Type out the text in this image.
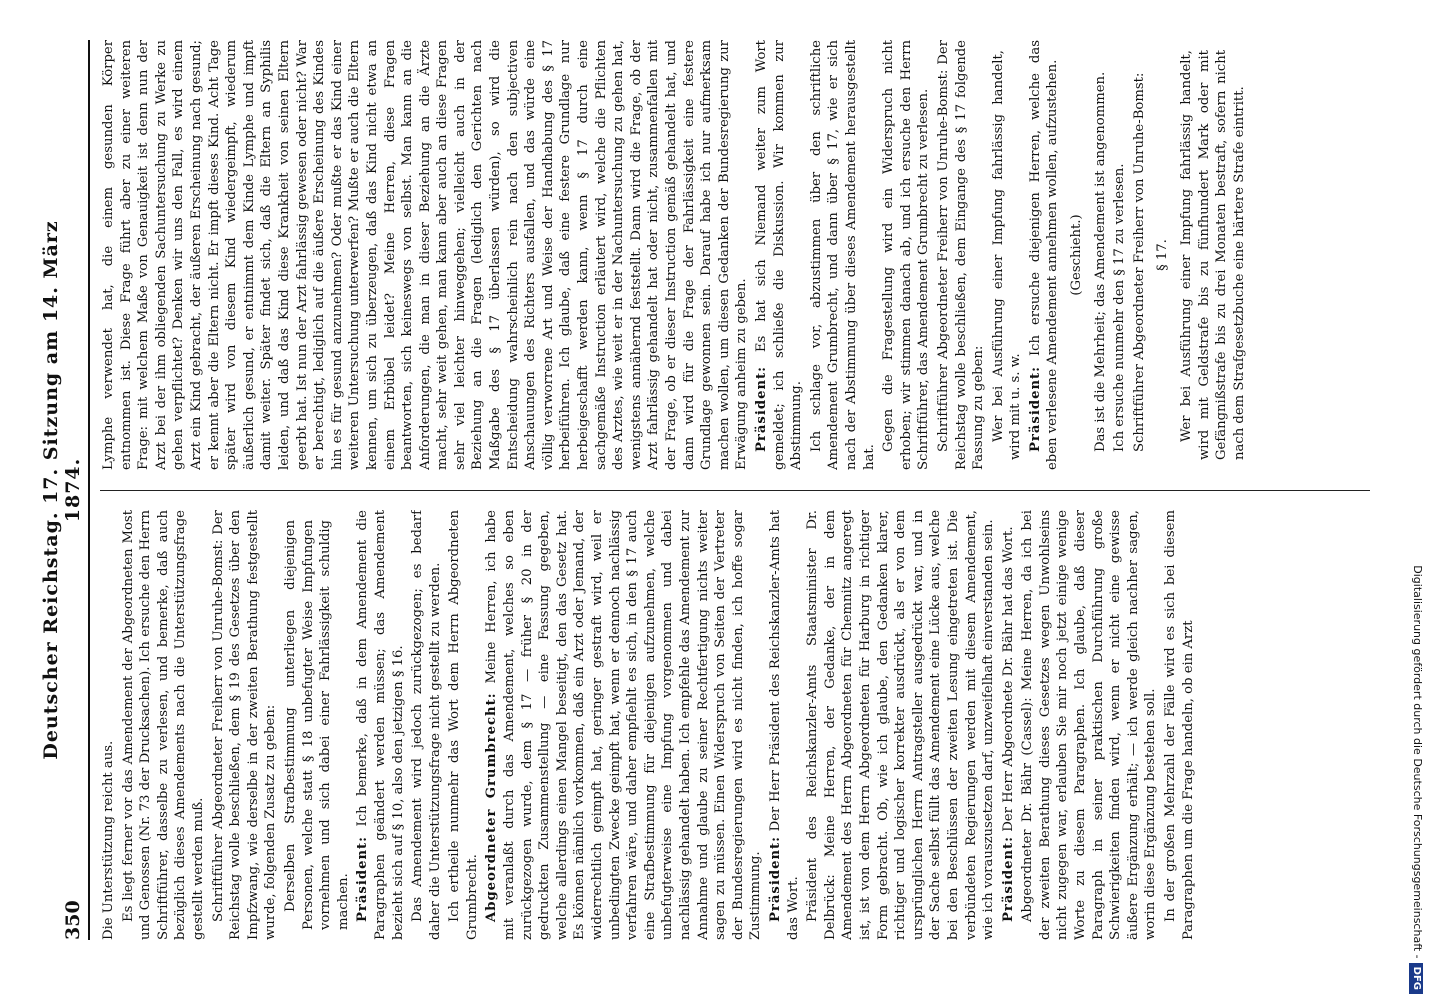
350
Deutscher Reichstag. 17. Sitzung am 14. März 1874.

Die Unterstützung reicht aus. Es liegt ferner vor das Amendement der Abgeordneten Most und Genossen (Nr. 73 der Drucksachen). Ich ersuche den Herrn Schriftführer, dasselbe zu verlesen, und bemerke, daß auch bezüglich dieses Amendements nach die Unterstützungsfrage gestellt werden muß. Schriftführer Abgeordneter Freiherr von Unruhe-Bomst: Der Reichstag wolle beschließen, dem § 19 des Gesetzes über den Impfzwang, wie derselbe in der zweiten Berathung festgestellt wurde, folgenden Zusatz zu geben: Derselben Strafbestimmung unterliegen diejenigen Personen, welche statt § 18 unbefugter Weise Impfungen vornehmen und sich dabei einer Fahrlässigkeit schuldig machen. Präsident: Ich bemerke, daß in dem Amendement die Paragraphen geändert werden müssen; das Amendement bezieht sich auf § 10, also den jetzigen § 16. Das Amendement wird jedoch zurückgezogen; es bedarf daher die Unterstützungsfrage nicht gestellt zu werden. Ich ertheile nunmehr das Wort dem Herrn Abgeordneten Grumbrecht. Abgeordneter Grumbrecht: Meine Herren, ich habe mit veranlaßt durch das Amendement, welches so eben zurückgezogen wurde, dem § 17 — früher § 20 in der gedruckten Zusammenstellung — eine Fassung gegeben, welche allerdings einen Mangel beseitigt, den das Gesetz hat. Es können nämlich vorkommen, daß ein Arzt oder Jemand, der widerrechtlich geimpft hat, geringer gestraft wird, weil er unbedingten Zwecke geimpft hat, wenn er dennoch nachlässig verfahren wäre, und daher empfiehlt es sich, in den § 17 auch eine Strafbestimmung für diejenigen aufzunehmen, welche unbefugterweise eine Impfung vorgenommen und dabei nachlässig gehandelt haben. Ich empfehle das Amendement zur Annahme und glaube zu seiner Rechtfertigung nichts weiter sagen zu müssen. Einen Widerspruch von Seiten der Vertreter der Bundesregierungen wird es nicht finden, ich hoffe sogar Zustimmung. Präsident: Der Herr Präsident des Reichskanzler-Amts hat das Wort. Präsident des Reichskanzler-Amts Staatsminister Dr. Delbrück: Meine Herren, der Gedanke, der in dem Amendement des Herrn Abgeordneten für Chemnitz angeregt ist, ist von dem Herrn Abgeordneten für Harburg in richtiger Form gebracht. Ob, wie ich glaube, den Gedanken klarer, richtiger und logischer korrekter ausdrückt, als er von dem ursprünglichen Herrn Antragsteller ausgedrückt war, und in der Sache selbst füllt das Amendement eine Lücke aus, welche bei den Beschlüssen der zweiten Lesung eingetreten ist. Die verbündeten Regierungen werden mit diesem Amendement, wie ich vorauszusetzen darf, unzweifelhaft einverstanden sein. Präsident: Der Herr Abgeordnete Dr. Bähr hat das Wort. Abgeordneter Dr. Bähr (Cassel): Meine Herren, da ich bei der zweiten Berathung dieses Gesetzes wegen Unwohlseins nicht zugegen war, erlauben Sie mir noch jetzt einige wenige Worte zu diesem Paragraphen. Ich glaube, daß dieser Paragraph in seiner praktischen Durchführung große Schwierigkeiten finden wird, wenn er nicht eine gewisse äußere Ergänzung erhält; — ich werde gleich nachher sagen, worin diese Ergänzung bestehen soll. In der großen Mehrzahl der Fälle wird es sich bei diesem Paragraphen um die Frage handeln, ob ein Arzt

Lymphe verwendet hat, die einem gesunden Körper entnommen ist. Diese Frage führt aber zu einer weiteren Frage: mit welchem Maße von Genauigkeit ist denn nun der Arzt bei der ihm obliegenden Sachuntersuchung zu Werke zu gehen verpflichtet? Denken wir uns den Fall, es wird einem Arzt ein Kind gebracht, der äußeren Erscheinung nach gesund; er kennt aber die Eltern nicht. Er impft dieses Kind. Acht Tage später wird von diesem Kind wiedergeimpft, wiederum äußerlich gesund, er entnimmt dem Kinde Lymphe und impft damit weiter. Später findet sich, daß die Eltern an Syphilis leiden, und daß das Kind diese Krankheit von seinen Eltern geerbt hat. Ist nun der Arzt fahrlässig gewesen oder nicht? War er berechtigt, lediglich auf die äußere Erscheinung des Kindes hin es für gesund anzunehmen? Oder mußte er das Kind einer weiteren Untersuchung unterwerfen? Mußte er auch die Eltern kennen, um sich zu überzeugen, daß das Kind nicht etwa an einem Erbübel leidet? Meine Herren, diese Fragen beantworten, sich keineswegs von selbst. Man kann an die Anforderungen, die man in dieser Beziehung an die Ärzte macht, sehr weit gehen, man kann aber auch an diese Fragen sehr viel leichter hinweggehen; vielleicht auch in der Beziehung an die Fragen (lediglich den Gerichten nach Maßgabe des § 17 überlassen würden), so wird die Entscheidung wahrscheinlich rein nach den subjectiven Anschauungen des Richters ausfallen, und das würde eine völlig verworrene Art und Weise der Handhabung des § 17 herbeiführen. Ich glaube, daß eine festere Grundlage nur herbeigeschafft werden kann, wenn § 17 durch eine sachgemäße Instruction erläutert wird, welche die Pflichten des Arztes, wie weit er in der Nachuntersuchung zu gehen hat, wenigstens annähernd feststellt. Dann wird die Frage, ob der Arzt fahrlässig gehandelt hat oder nicht, zusammenfallen mit der Frage, ob er dieser Instruction gemäß gehandelt hat, und dann wird für die Frage der Fahrlässigkeit eine festere Grundlage gewonnen sein. Darauf habe ich nur aufmerksam machen wollen, um diesen Gedanken der Bundesregierung zur Erwägung anheim zu geben. Präsident: Es hat sich Niemand weiter zum Wort gemeldet; ich schließe die Diskussion. Wir kommen zur Abstimmung. Ich schlage vor, abzustimmen über den schriftliche Amendement Grumbrecht, und dann über § 17, wie er sich nach der Abstimmung über dieses Amendement herausgestellt hat.

Gegen die Fragestellung wird ein Widerspruch nicht erhoben; wir stimmen danach ab, und ich ersuche den Herrn Schriftführer, das Amendement Grumbrecht zu verlesen. Schriftführer Abgeordneter Freiherr von Unruhe-Bomst: Der Reichstag wolle beschließen, dem Eingange des § 17 folgende Fassung zu geben: Wer bei Ausführung einer Impfung fahrlässig handelt, wird mit u. s. w. Präsident: Ich ersuche diejenigen Herren, welche das eben verlesene Amendement annehmen wollen, aufzustehen. (Geschieht.) Das ist die Mehrheit; das Amendement ist angenommen. Ich ersuche nunmehr den § 17 zu verlesen. Schriftführer Abgeordneter Freiherr von Unruhe-Bomst: § 17. Wer bei Ausführung einer Impfung fahrlässig handelt, wird mit Geldstrafe bis zu fünfhundert Mark oder mit Gefängnißstrafe bis zu drei Monaten bestraft, sofern nicht nach dem Strafgesetzbuche eine härtere Strafe eintritt.

Digitalisierung gefördert durch die Deutsche Forschungsgemeinschaft -DFG
